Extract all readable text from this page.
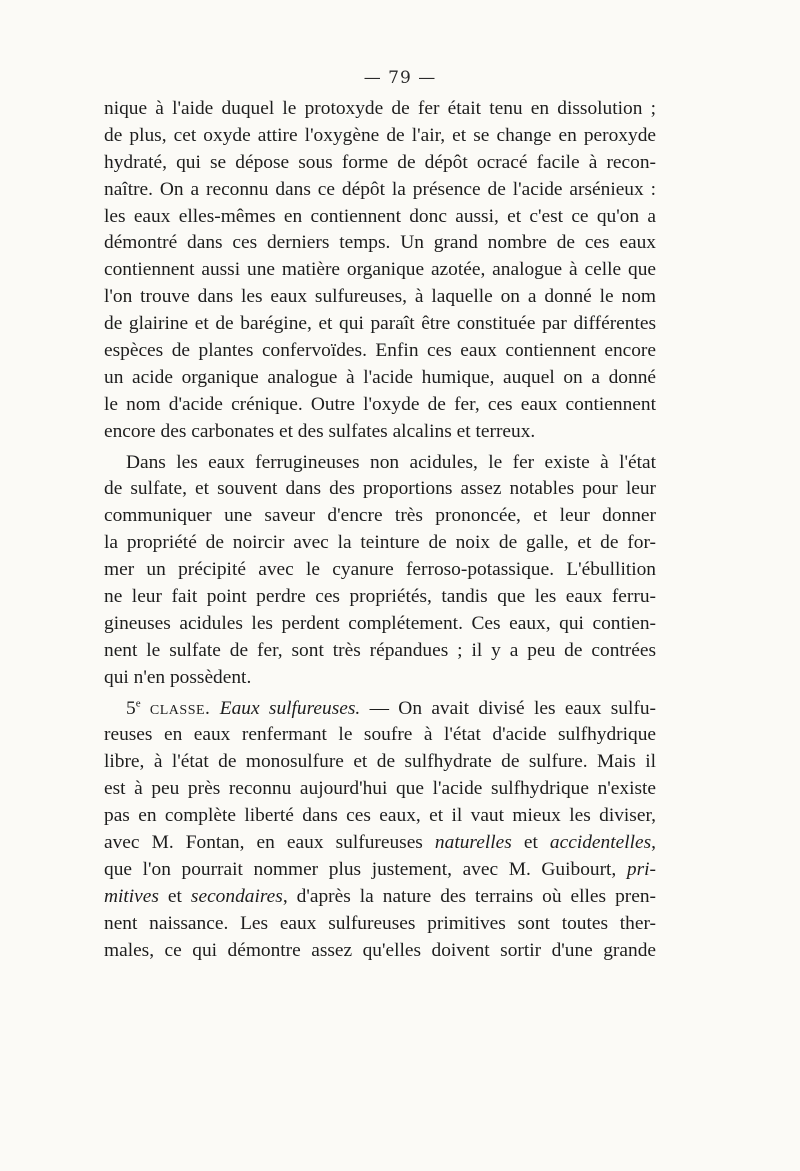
— 79 —
nique à l'aide duquel le protoxyde de fer était tenu en dissolution ;
de plus, cet oxyde attire l'oxygène de l'air, et se change en peroxyde
hydraté, qui se dépose sous forme de dépôt ocracé facile à recon-
naître. On a reconnu dans ce dépôt la présence de l'acide arsénieux :
les eaux elles-mêmes en contiennent donc aussi, et c'est ce qu'on a
démontré dans ces derniers temps. Un grand nombre de ces eaux
contiennent aussi une matière organique azotée, analogue à celle que
l'on trouve dans les eaux sulfureuses, à laquelle on a donné le nom
de glairine et de barégine, et qui paraît être constituée par différentes
espèces de plantes confervoïdes. Enfin ces eaux contiennent encore
un acide organique analogue à l'acide humique, auquel on a donné
le nom d'acide crénique. Outre l'oxyde de fer, ces eaux contiennent
encore des carbonates et des sulfates alcalins et terreux.
Dans les eaux ferrugineuses non acidules, le fer existe à l'état
de sulfate, et souvent dans des proportions assez notables pour leur
communiquer une saveur d'encre très prononcée, et leur donner
la propriété de noircir avec la teinture de noix de galle, et de for-
mer un précipité avec le cyanure ferroso-potassique. L'ébullition
ne leur fait point perdre ces propriétés, tandis que les eaux ferru-
gineuses acidules les perdent complétement. Ces eaux, qui contien-
nent le sulfate de fer, sont très répandues ; il y a peu de contrées
qui n'en possèdent.
5e classe. Eaux sulfureuses. — On avait divisé les eaux sulfu-
reuses en eaux renfermant le soufre à l'état d'acide sulfhydrique
libre, à l'état de monosulfure et de sulfhydrate de sulfure. Mais il
est à peu près reconnu aujourd'hui que l'acide sulfhydrique n'existe
pas en complète liberté dans ces eaux, et il vaut mieux les diviser,
avec M. Fontan, en eaux sulfureuses naturelles et accidentelles,
que l'on pourrait nommer plus justement, avec M. Guibourt, pri-
mitives et secondaires, d'après la nature des terrains où elles pren-
nent naissance. Les eaux sulfureuses primitives sont toutes ther-
males, ce qui démontre assez qu'elles doivent sortir d'une grande
